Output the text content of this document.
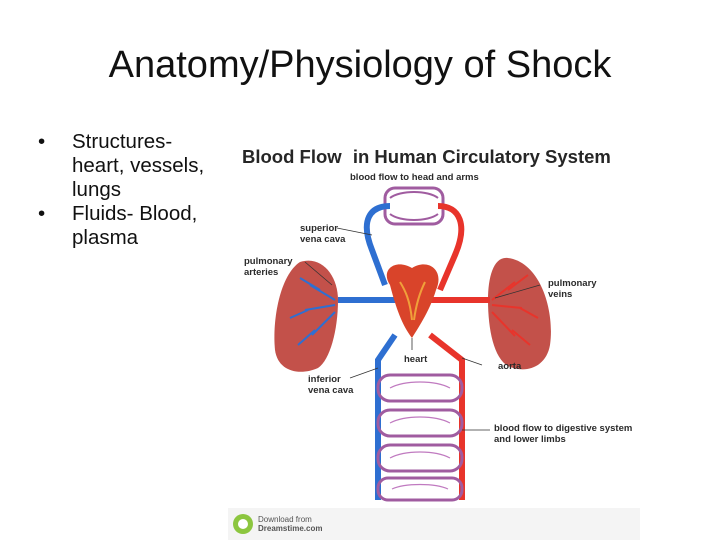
Anatomy/Physiology of Shock
• Structures-
heart, vessels,
lungs
• Fluids- Blood,
plasma
Blood Flow in Human Circulatory System
blood flow to head and arms
superior
vena cava
pulmonary
arteries
pulmonary
veins
heart
aorta
inferior
vena cava
blood flow to digestive system
and lower limbs
Download from
Dreamstime.com
